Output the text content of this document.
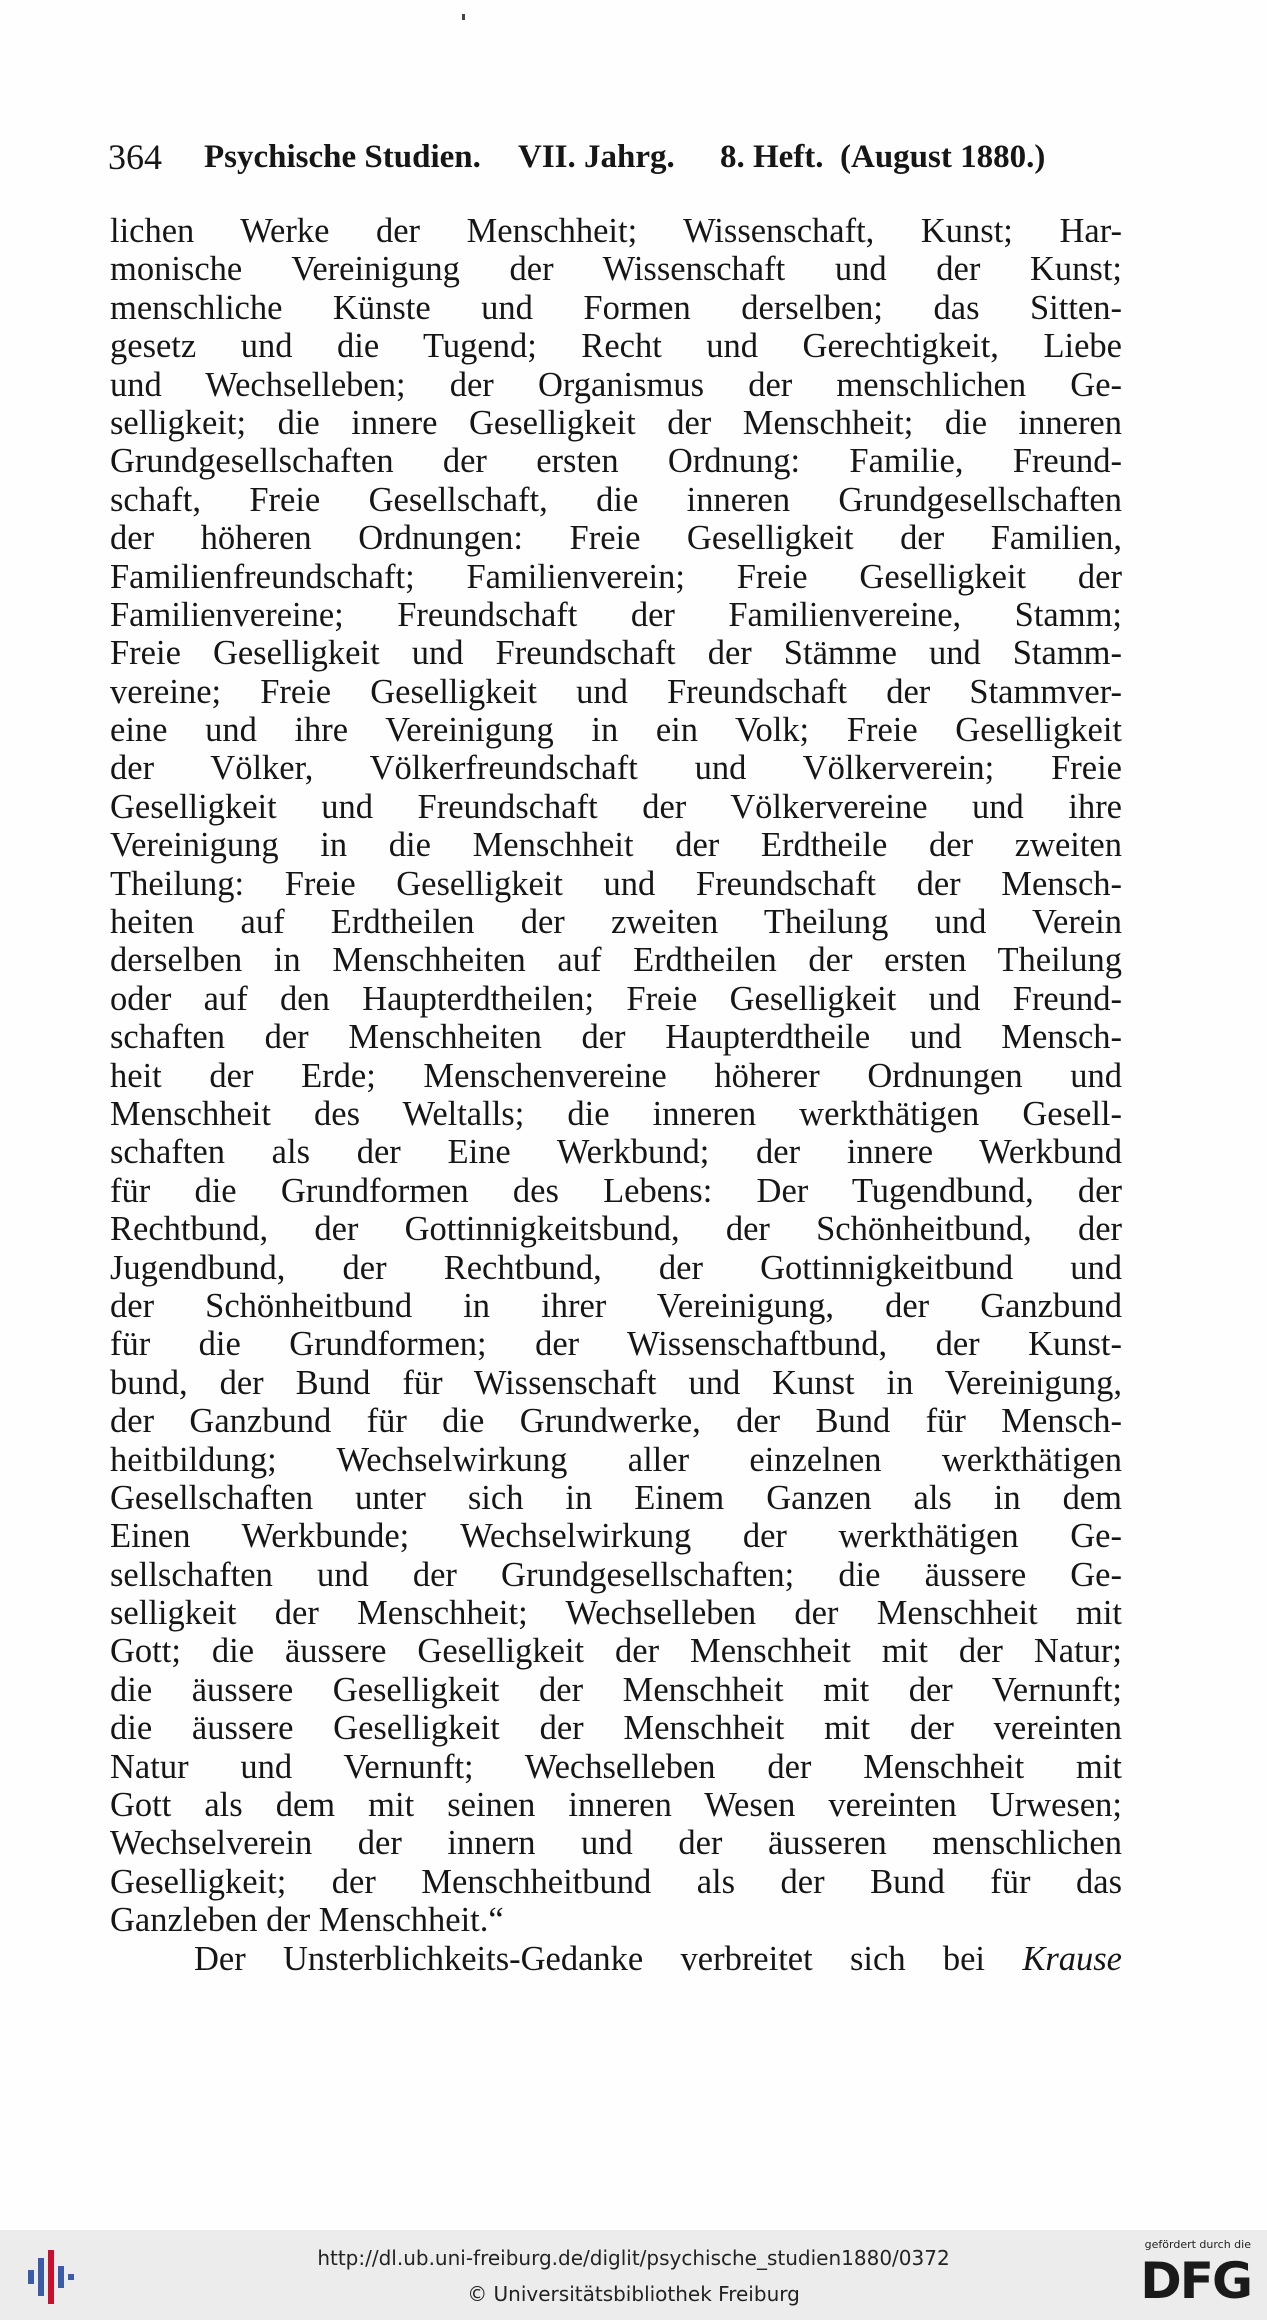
364 Psychische Studien. VII. Jahrg. 8. Heft. (August 1880.)
lichen Werke der Menschheit; Wissenschaft, Kunst; Har-
monische Vereinigung der Wissenschaft und der Kunst;
menschliche Künste und Formen derselben; das Sitten-
gesetz und die Tugend; Recht und Gerechtigkeit, Liebe
und Wechselleben; der Organismus der menschlichen Ge-
selligkeit; die innere Geselligkeit der Menschheit; die inneren
Grundgesellschaften der ersten Ordnung: Familie, Freund-
schaft, Freie Gesellschaft, die inneren Grundgesellschaften
der höheren Ordnungen: Freie Geselligkeit der Familien,
Familienfreundschaft; Familienverein; Freie Geselligkeit der
Familienvereine; Freundschaft der Familienvereine, Stamm;
Freie Geselligkeit und Freundschaft der Stämme und Stamm-
vereine; Freie Geselligkeit und Freundschaft der Stammver-
eine und ihre Vereinigung in ein Volk; Freie Geselligkeit
der Völker, Völkerfreundschaft und Völkerverein; Freie
Geselligkeit und Freundschaft der Völkervereine und ihre
Vereinigung in die Menschheit der Erdtheile der zweiten
Theilung: Freie Geselligkeit und Freundschaft der Mensch-
heiten auf Erdtheilen der zweiten Theilung und Verein
derselben in Menschheiten auf Erdtheilen der ersten Theilung
oder auf den Haupterdtheilen; Freie Geselligkeit und Freund-
schaften der Menschheiten der Haupterdtheile und Mensch-
heit der Erde; Menschenvereine höherer Ordnungen und
Menschheit des Weltalls; die inneren werkthätigen Gesell-
schaften als der Eine Werkbund; der innere Werkbund
für die Grundformen des Lebens: Der Tugendbund, der
Rechtbund, der Gottinnigkeitsbund, der Schönheitbund, der
Jugendbund, der Rechtbund, der Gottinnigkeitbund und
der Schönheitbund in ihrer Vereinigung, der Ganzbund
für die Grundformen; der Wissenschaftbund, der Kunst-
bund, der Bund für Wissenschaft und Kunst in Vereinigung,
der Ganzbund für die Grundwerke, der Bund für Mensch-
heitbildung; Wechselwirkung aller einzelnen werkthätigen
Gesellschaften unter sich in Einem Ganzen als in dem
Einen Werkbunde; Wechselwirkung der werkthätigen Ge-
sellschaften und der Grundgesellschaften; die äussere Ge-
selligkeit der Menschheit; Wechselleben der Menschheit mit
Gott; die äussere Geselligkeit der Menschheit mit der Natur;
die äussere Geselligkeit der Menschheit mit der Vernunft;
die äussere Geselligkeit der Menschheit mit der vereinten
Natur und Vernunft; Wechselleben der Menschheit mit
Gott als dem mit seinen inneren Wesen vereinten Urwesen;
Wechselverein der innern und der äusseren menschlichen
Geselligkeit; der Menschheitbund als der Bund für das
Ganzleben der Menschheit.“
Der Unsterblichkeits-Gedanke verbreitet sich bei Krause
http://dl.ub.uni-freiburg.de/diglit/psychische_studien1880/0372
© Universitätsbibliothek Freiburg
gefördert durch die
DFG
